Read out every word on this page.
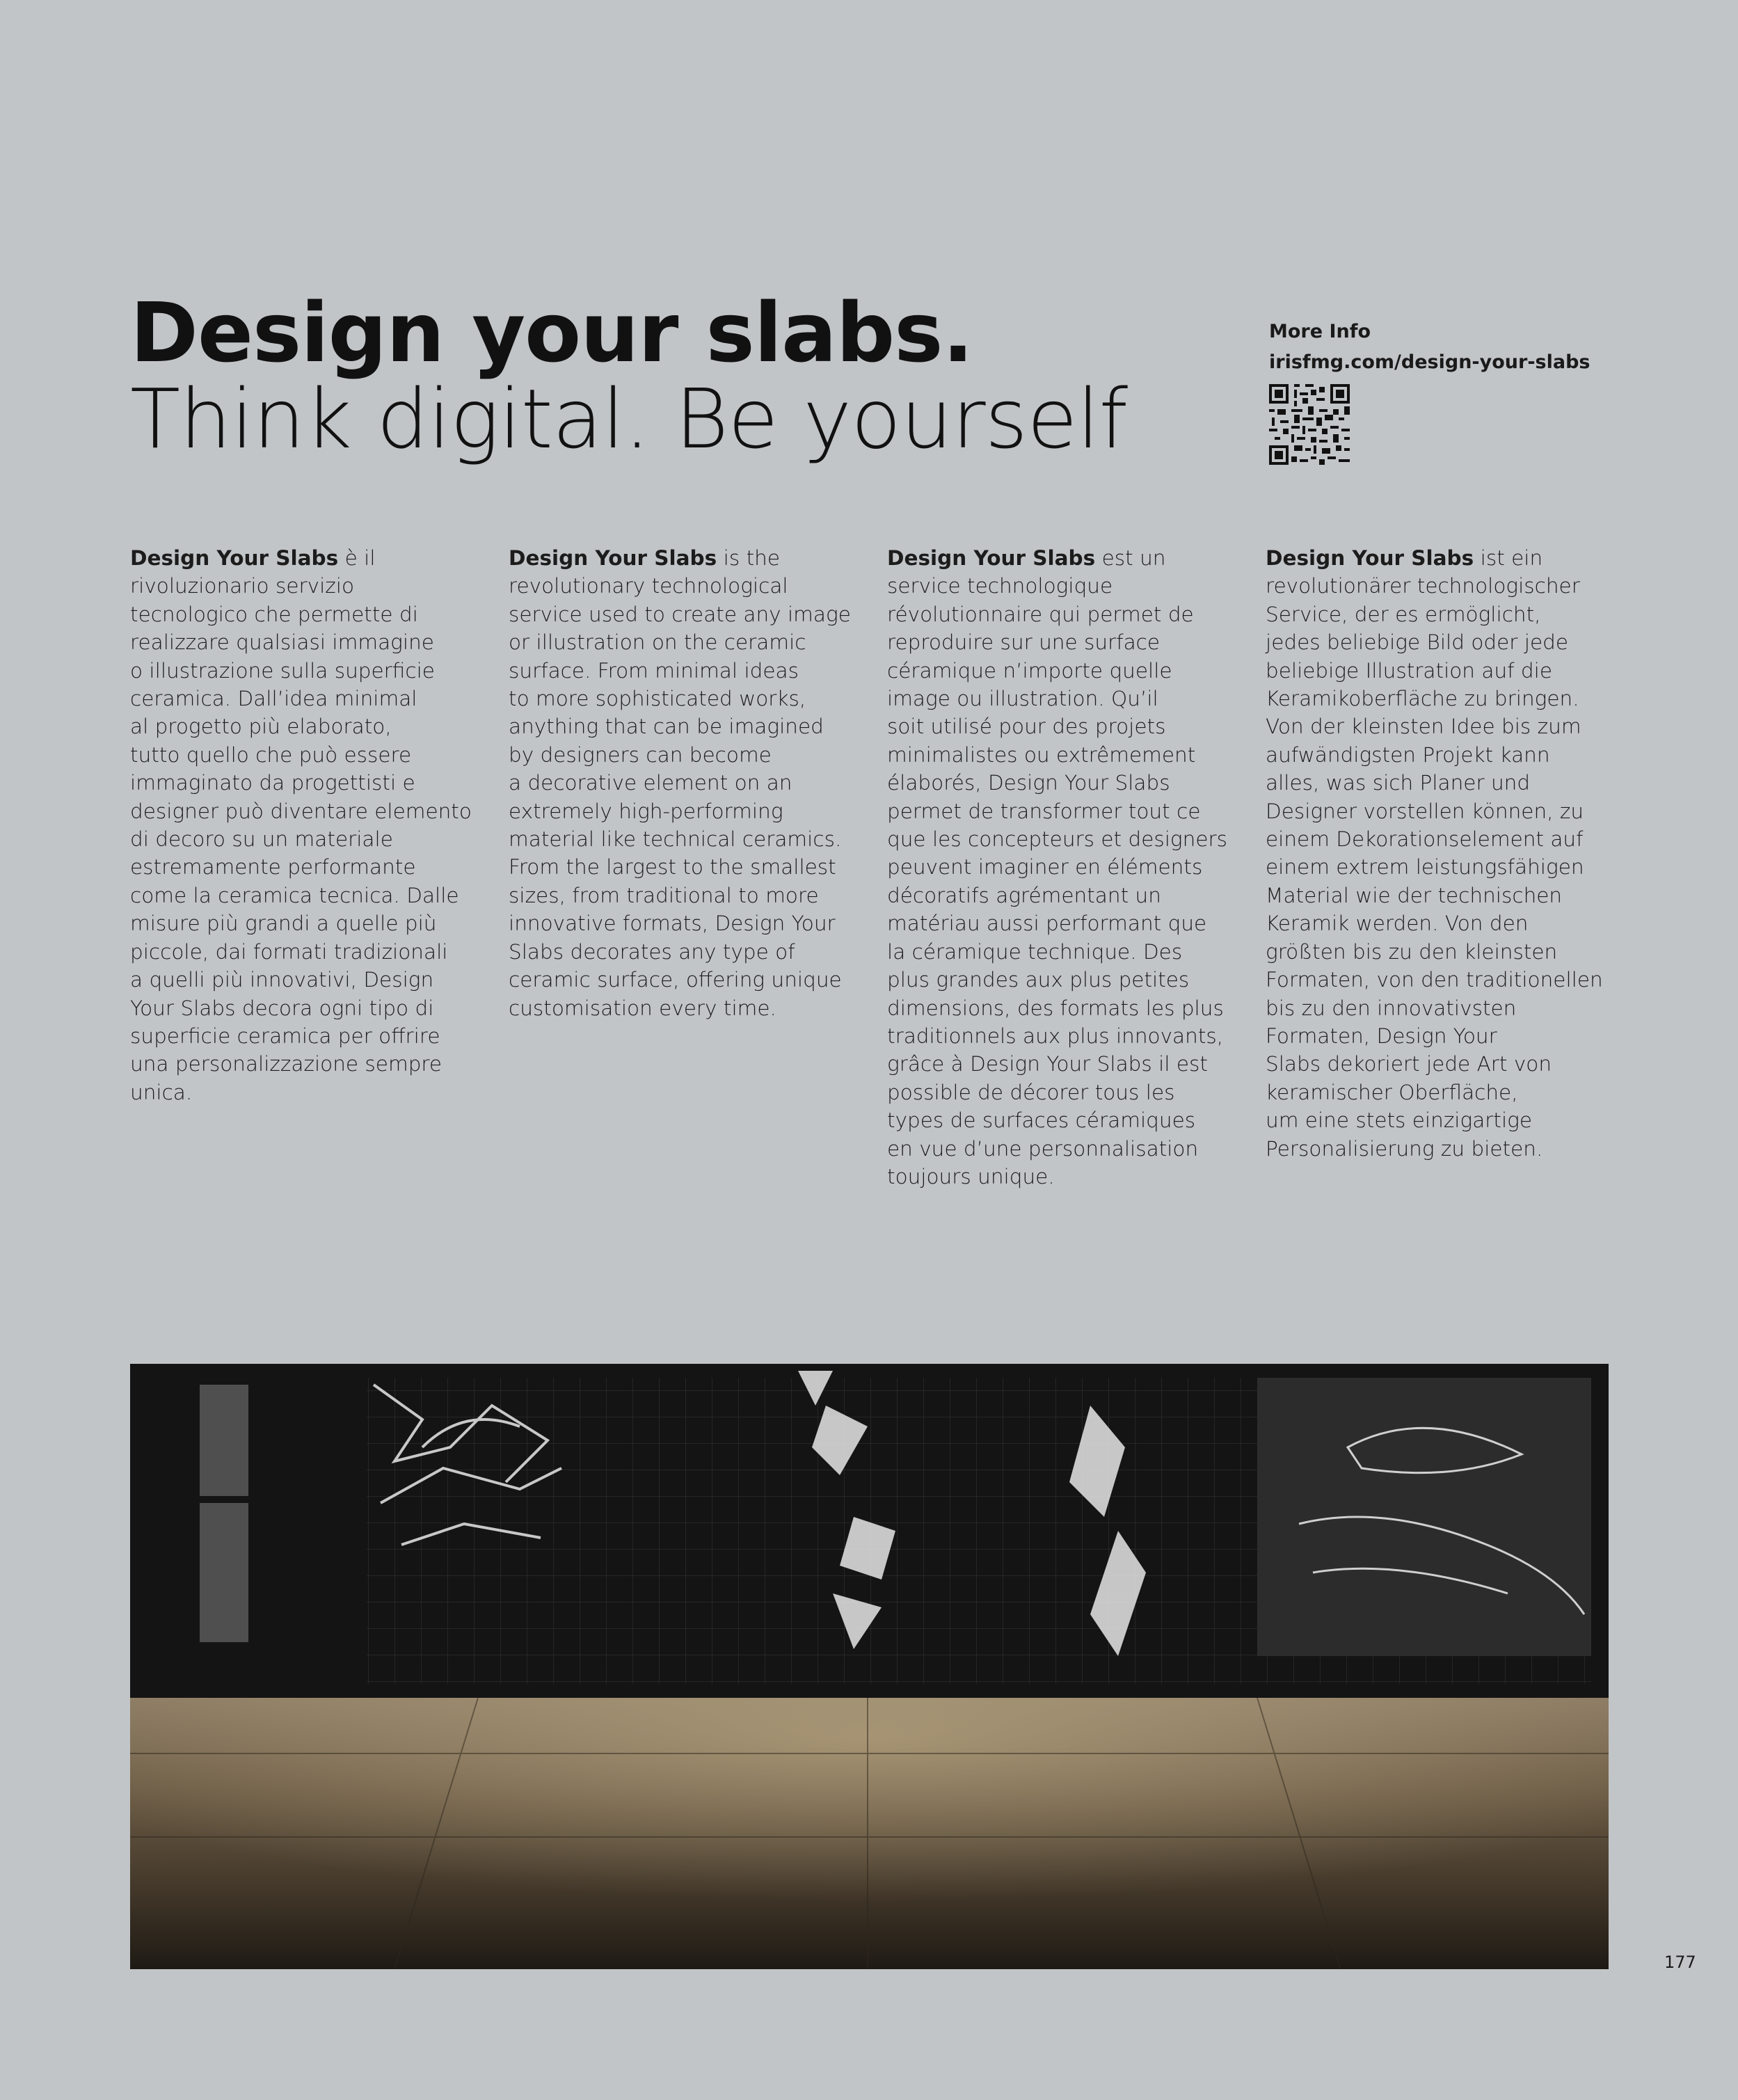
Design your slabs.
Think digital. Be yourself
More Info
irisfmg.com/design-your-slabs
Design Your Slabs è il
rivoluzionario servizio
tecnologico che permette di
realizzare qualsiasi immagine
o illustrazione sulla superficie
ceramica. Dall’idea minimal
al progetto più elaborato,
tutto quello che può essere
immaginato da progettisti e
designer può diventare elemento
di decoro su un materiale
estremamente performante
come la ceramica tecnica. Dalle
misure più grandi a quelle più
piccole, dai formati tradizionali
a quelli più innovativi, Design
Your Slabs decora ogni tipo di
superficie ceramica per offrire
una personalizzazione sempre
unica.
Design Your Slabs is the
revolutionary technological
service used to create any image
or illustration on the ceramic
surface. From minimal ideas
to more sophisticated works,
anything that can be imagined
by designers can become
a decorative element on an
extremely high-performing
material like technical ceramics.
From the largest to the smallest
sizes, from traditional to more
innovative formats, Design Your
Slabs decorates any type of
ceramic surface, offering unique
customisation every time.
Design Your Slabs est un
service technologique
révolutionnaire qui permet de
reproduire sur une surface
céramique n’importe quelle
image ou illustration. Qu’il
soit utilisé pour des projets
minimalistes ou extrêmement
élaborés, Design Your Slabs
permet de transformer tout ce
que les concepteurs et designers
peuvent imaginer en éléments
décoratifs agrémentant un
matériau aussi performant que
la céramique technique. Des
plus grandes aux plus petites
dimensions, des formats les plus
traditionnels aux plus innovants,
grâce à Design Your Slabs il est
possible de décorer tous les
types de surfaces céramiques
en vue d’une personnalisation
toujours unique.
Design Your Slabs ist ein
revolutionärer technologischer
Service, der es ermöglicht,
jedes beliebige Bild oder jede
beliebige Illustration auf die
Keramikoberfläche zu bringen.
Von der kleinsten Idee bis zum
aufwändigsten Projekt kann
alles, was sich Planer und
Designer vorstellen können, zu
einem Dekorationselement auf
einem extrem leistungsfähigen
Material wie der technischen
Keramik werden. Von den
größten bis zu den kleinsten
Formaten, von den traditionellen
bis zu den innovativsten
Formaten, Design Your
Slabs dekoriert jede Art von
keramischer Oberfläche,
um eine stets einzigartige
Personalisierung zu bieten.
177
